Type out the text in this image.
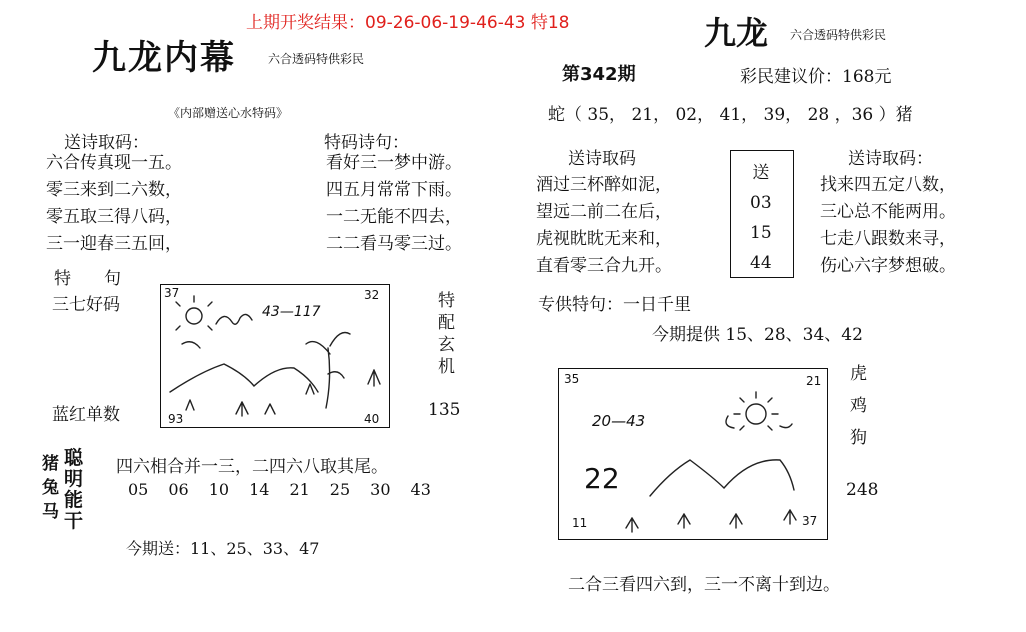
上期开奖结果：09-26-06-19-46-43 特18
九龙内幕	六合透码特供彩民
《内部赠送心水特码》
送诗取码：
六合传真现一五。
零三来到二六数，
零五取三得八码，
三一迎春三五回，
特码诗句：
看好三一梦中游。
四五月常常下雨。
一二无能不四去，
二二看马零三过。
特 句
三七好码
蓝红单数
37	32
93	40
43—117
特
配
玄
机
135
猪
兔
马
聪
明
能
干
四六相合并一三，二四六八取其尾。
05 06 10 14 21 25 30 43
今期送：11、25、33、47
九龙 六合透码特供彩民
第342期	彩民建议价：168元
蛇（ 35， 21， 02， 41， 39， 28 ，36 ）猪
送诗取码
酒过三杯醉如泥，
望远二前二在后，
虎视眈眈无来和，
直看零三合九开。
送
03
15
44
送诗取码：
找来四五定八数，
三心总不能两用。
七走八跟数来寻，
伤心六字梦想破。
专供特句：一日千里
今期提供 15、28、34、42
35	21
11	37
22
20—43
虎
鸡
狗
248
二合三看四六到，三一不离十到边。
